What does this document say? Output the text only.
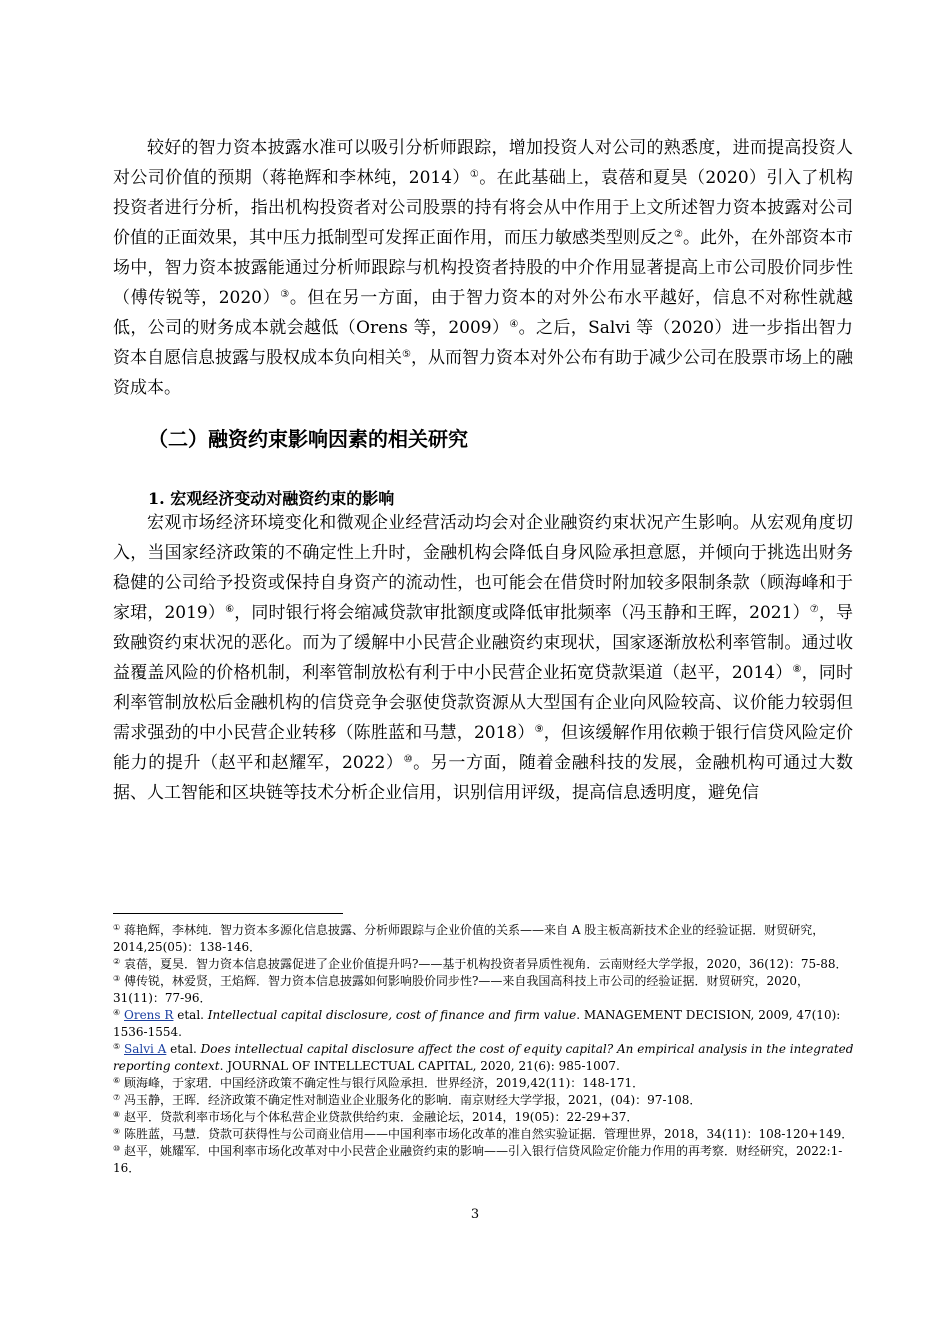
较好的智力资本披露水准可以吸引分析师跟踪，增加投资人对公司的熟悉度，进而提高投资人对公司价值的预期（蒋艳辉和李林纯，2014）①。在此基础上，袁蓓和夏昊（2020）引入了机构投资者进行分析，指出机构投资者对公司股票的持有将会从中作用于上文所述智力资本披露对公司价值的正面效果，其中压力抵制型可发挥正面作用，而压力敏感类型则反之②。此外，在外部资本市场中，智力资本披露能通过分析师跟踪与机构投资者持股的中介作用显著提高上市公司股价同步性（傅传锐等，2020）③。但在另一方面，由于智力资本的对外公布水平越好，信息不对称性就越低，公司的财务成本就会越低（Orens 等，2009）④。之后，Salvi 等（2020）进一步指出智力资本自愿信息披露与股权成本负向相关⑤，从而智力资本对外公布有助于减少公司在股票市场上的融资成本。

（二）融资约束影响因素的相关研究
1. 宏观经济变动对融资约束的影响

宏观市场经济环境变化和微观企业经营活动均会对企业融资约束状况产生影响。从宏观角度切入，当国家经济政策的不确定性上升时，金融机构会降低自身风险承担意愿，并倾向于挑选出财务稳健的公司给予投资或保持自身资产的流动性，也可能会在借贷时附加较多限制条款（顾海峰和于家珺，2019）⑥，同时银行将会缩减贷款审批额度或降低审批频率（冯玉静和王晖，2021）⑦，导致融资约束状况的恶化。而为了缓解中小民营企业融资约束现状，国家逐渐放松利率管制。通过收益覆盖风险的价格机制，利率管制放松有利于中小民营企业拓宽贷款渠道（赵平，2014）⑧，同时利率管制放松后金融机构的信贷竞争会驱使贷款资源从大型国有企业向风险较高、议价能力较弱但需求强劲的中小民营企业转移（陈胜蓝和马慧，2018）⑨，但该缓解作用依赖于银行信贷风险定价能力的提升（赵平和赵耀军，2022）⑩。另一方面，随着金融科技的发展，金融机构可通过大数据、人工智能和区块链等技术分析企业信用，识别信用评级，提高信息透明度，避免信

① 蒋艳辉，李林纯．智力资本多源化信息披露、分析师跟踪与企业价值的关系——来自 A 股主板高新技术企业的经验证据．财贸研究，2014,25(05)：138-146．

② 袁蓓，夏昊．智力资本信息披露促进了企业价值提升吗?——基于机构投资者异质性视角．云南财经大学学报，2020，36(12)：75-88．

③ 傅传锐，林爱贤，王焰辉．智力资本信息披露如何影响股价同步性?——来自我国高科技上市公司的经验证据．财贸研究，2020，31(11)：77-96．

④ Orens R etal. Intellectual capital disclosure, cost of finance and firm value. MANAGEMENT DECISION, 2009, 47(10): 1536-1554.

⑤ Salvi A etal. Does intellectual capital disclosure affect the cost of equity capital? An empirical analysis in the integrated reporting context. JOURNAL OF INTELLECTUAL CAPITAL, 2020, 21(6): 985-1007.

⑥ 顾海峰，于家珺．中国经济政策不确定性与银行风险承担．世界经济，2019,42(11)：148-171．

⑦ 冯玉静，王晖．经济政策不确定性对制造业企业服务化的影响．南京财经大学学报，2021，(04)：97-108．

⑧ 赵平．贷款利率市场化与个体私营企业贷款供给约束．金融论坛，2014，19(05)：22-29+37．

⑨ 陈胜蓝，马慧．贷款可获得性与公司商业信用——中国利率市场化改革的准自然实验证据．管理世界，2018，34(11)：108-120+149．

⑩ 赵平，姚耀军．中国利率市场化改革对中小民营企业融资约束的影响——引入银行信贷风险定价能力作用的再考察．财经研究，2022:1-16．

3
